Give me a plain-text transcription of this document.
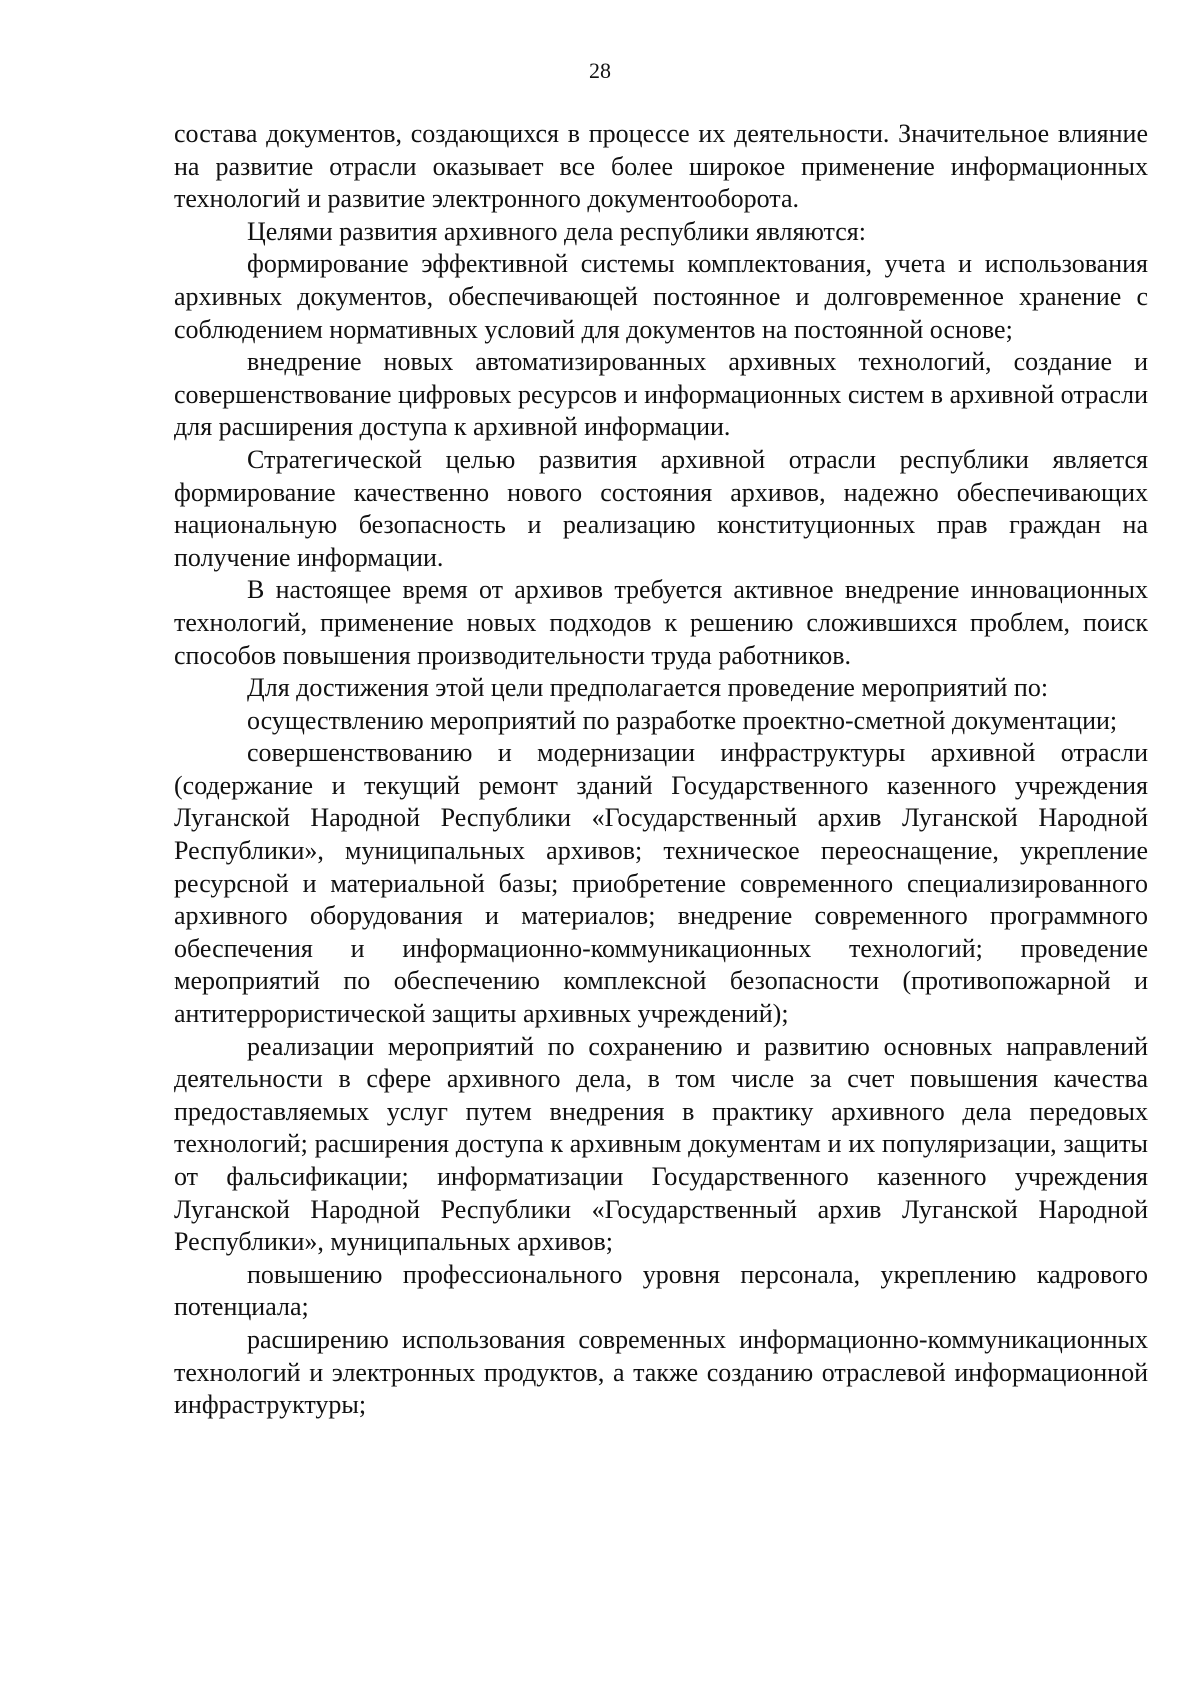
28

состава документов, создающихся в процессе их деятельности. Значительное влияние на развитие отрасли оказывает все более широкое применение информационных технологий и развитие электронного документооборота.

Целями развития архивного дела республики являются:

формирование эффективной системы комплектования, учета и использования архивных документов, обеспечивающей постоянное и долговременное хранение с соблюдением нормативных условий для документов на постоянной основе;

внедрение новых автоматизированных архивных технологий, создание и совершенствование цифровых ресурсов и информационных систем в архивной отрасли для расширения доступа к архивной информации.

Стратегической целью развития архивной отрасли республики является формирование качественно нового состояния архивов, надежно обеспечивающих национальную безопасность и реализацию конституционных прав граждан на получение информации.

В настоящее время от архивов требуется активное внедрение инновационных технологий, применение новых подходов к решению сложившихся проблем, поиск способов повышения производительности труда работников.

Для достижения этой цели предполагается проведение мероприятий по:

осуществлению мероприятий по разработке проектно-сметной документации;

совершенствованию и модернизации инфраструктуры архивной отрасли (содержание и текущий ремонт зданий Государственного казенного учреждения Луганской Народной Республики «Государственный архив Луганской Народной Республики», муниципальных архивов; техническое переоснащение, укрепление ресурсной и материальной базы; приобретение современного специализированного архивного оборудования и материалов; внедрение современного программного обеспечения и информационно-коммуникационных технологий; проведение мероприятий по обеспечению комплексной безопасности (противопожарной и антитеррористической защиты архивных учреждений);

реализации мероприятий по сохранению и развитию основных направлений деятельности в сфере архивного дела, в том числе за счет повышения качества предоставляемых услуг путем внедрения в практику архивного дела передовых технологий; расширения доступа к архивным документам и их популяризации, защиты от фальсификации; информатизации Государственного казенного учреждения Луганской Народной Республики «Государственный архив Луганской Народной Республики», муниципальных архивов;

повышению профессионального уровня персонала, укреплению кадрового потенциала;

расширению использования современных информационно-коммуникационных технологий и электронных продуктов, а также созданию отраслевой информационной инфраструктуры;
